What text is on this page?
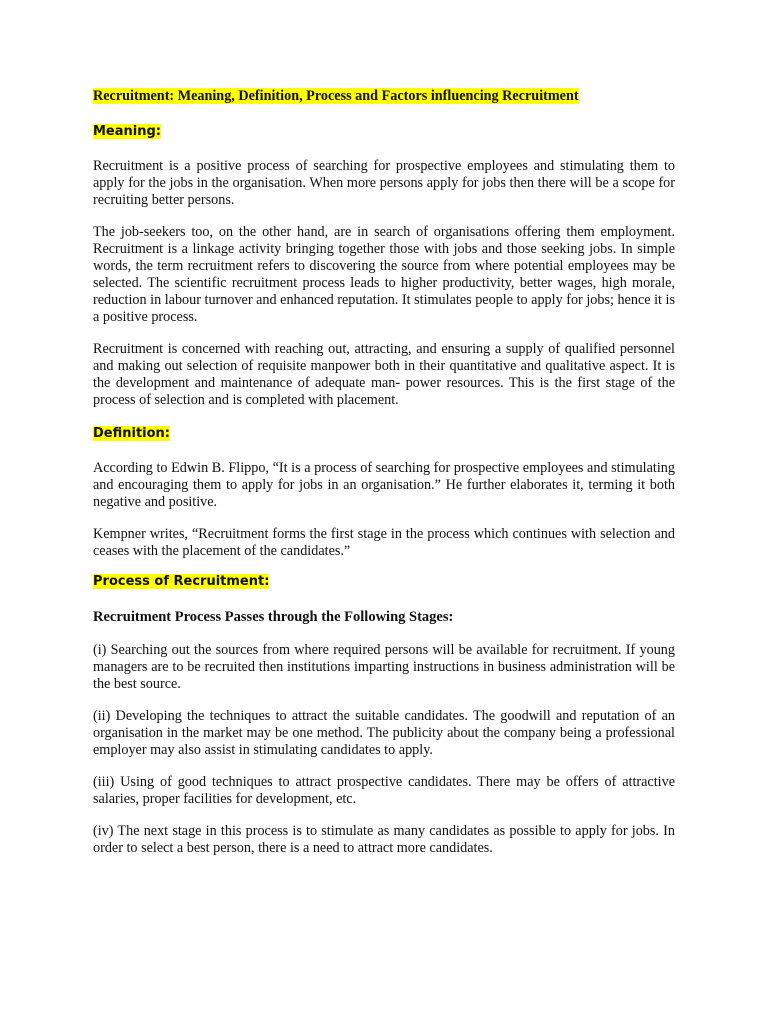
Recruitment: Meaning, Definition, Process and Factors influencing Recruitment

Meaning:

Recruitment is a positive process of searching for prospective employees and stimulating them to apply for the jobs in the organisation. When more persons apply for jobs then there will be a scope for recruiting better persons.

The job-seekers too, on the other hand, are in search of organisations offering them employment. Recruitment is a linkage activity bringing together those with jobs and those seeking jobs. In simple words, the term recruitment refers to discovering the source from where potential employees may be selected. The scientific recruitment process leads to higher productivity, better wages, high morale, reduction in labour turnover and enhanced reputation. It stimulates people to apply for jobs; hence it is a positive process.

Recruitment is concerned with reaching out, attracting, and ensuring a supply of qualified personnel and making out selection of requisite manpower both in their quantitative and qualitative aspect. It is the development and maintenance of adequate man- power resources. This is the first stage of the process of selection and is completed with placement.

Definition:

According to Edwin B. Flippo, “It is a process of searching for prospective employees and stimulating and encouraging them to apply for jobs in an organisation.” He further elaborates it, terming it both negative and positive.

Kempner writes, “Recruitment forms the first stage in the process which continues with selection and ceases with the placement of the candidates.”

Process of Recruitment:

Recruitment Process Passes through the Following Stages:

(i) Searching out the sources from where required persons will be available for recruitment. If young managers are to be recruited then institutions imparting instructions in business administration will be the best source.

(ii) Developing the techniques to attract the suitable candidates. The goodwill and reputation of an organisation in the market may be one method. The publicity about the company being a professional employer may also assist in stimulating candidates to apply.

(iii) Using of good techniques to attract prospective candidates. There may be offers of attractive salaries, proper facilities for development, etc.

(iv) The next stage in this process is to stimulate as many candidates as possible to apply for jobs. In order to select a best person, there is a need to attract more candidates.
